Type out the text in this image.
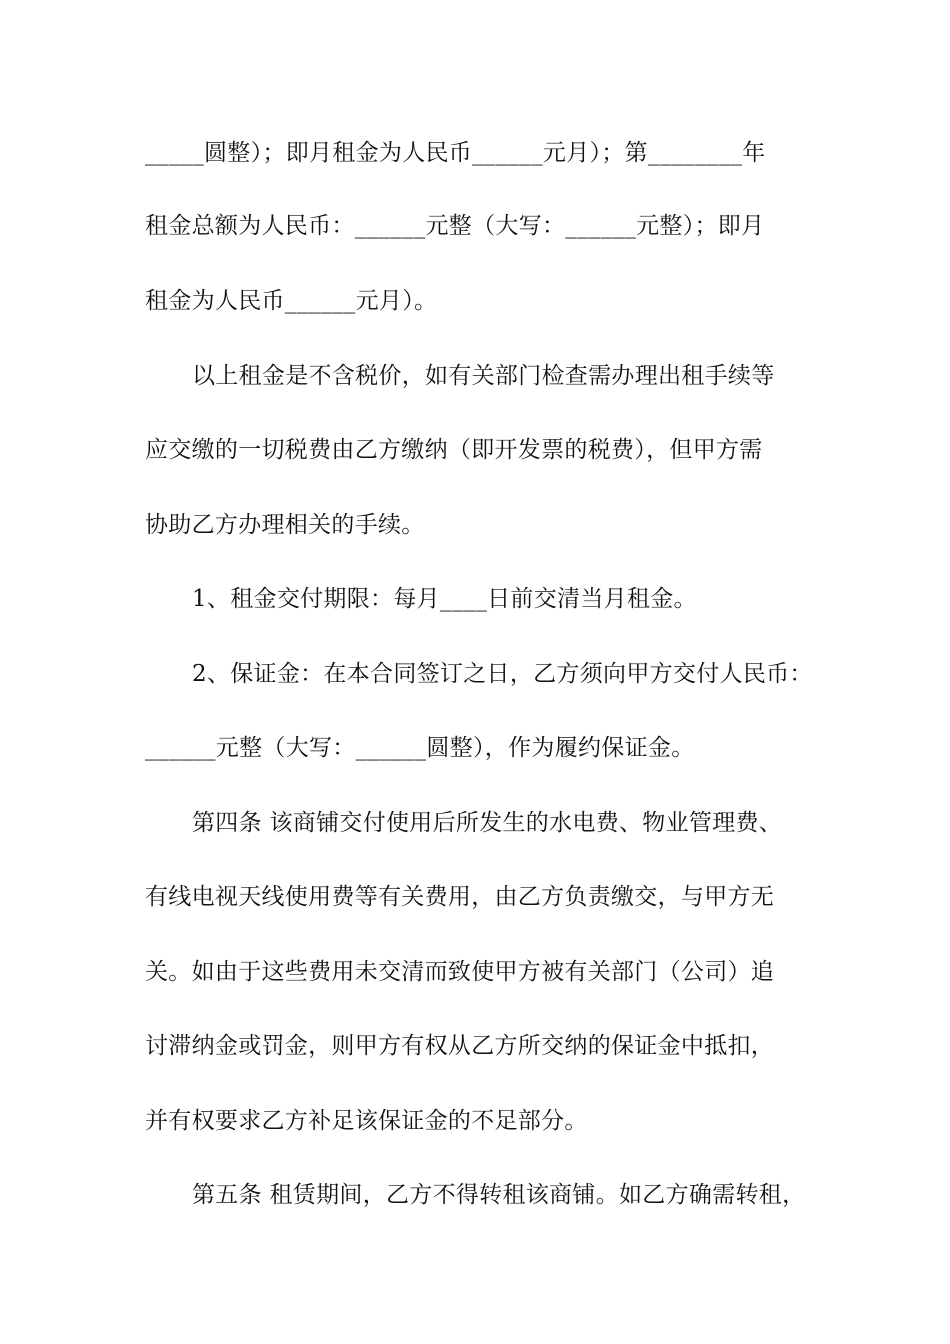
_____圆整）；即月租金为人民币______元月）；第________年
租金总额为人民币：______元整（大写：______元整）；即月
租金为人民币______元月）。
以上租金是不含税价，如有关部门检查需办理出租手续等
应交缴的一切税费由乙方缴纳（即开发票的税费），但甲方需
协助乙方办理相关的手续。
1、租金交付期限：每月____日前交清当月租金。
2、保证金：在本合同签订之日，乙方须向甲方交付人民币：
______元整（大写：______圆整），作为履约保证金。
第四条 该商铺交付使用后所发生的水电费、物业管理费、
有线电视天线使用费等有关费用，由乙方负责缴交，与甲方无
关。如由于这些费用未交清而致使甲方被有关部门（公司）追
讨滞纳金或罚金，则甲方有权从乙方所交纳的保证金中抵扣，
并有权要求乙方补足该保证金的不足部分。
第五条 租赁期间，乙方不得转租该商铺。如乙方确需转租，
